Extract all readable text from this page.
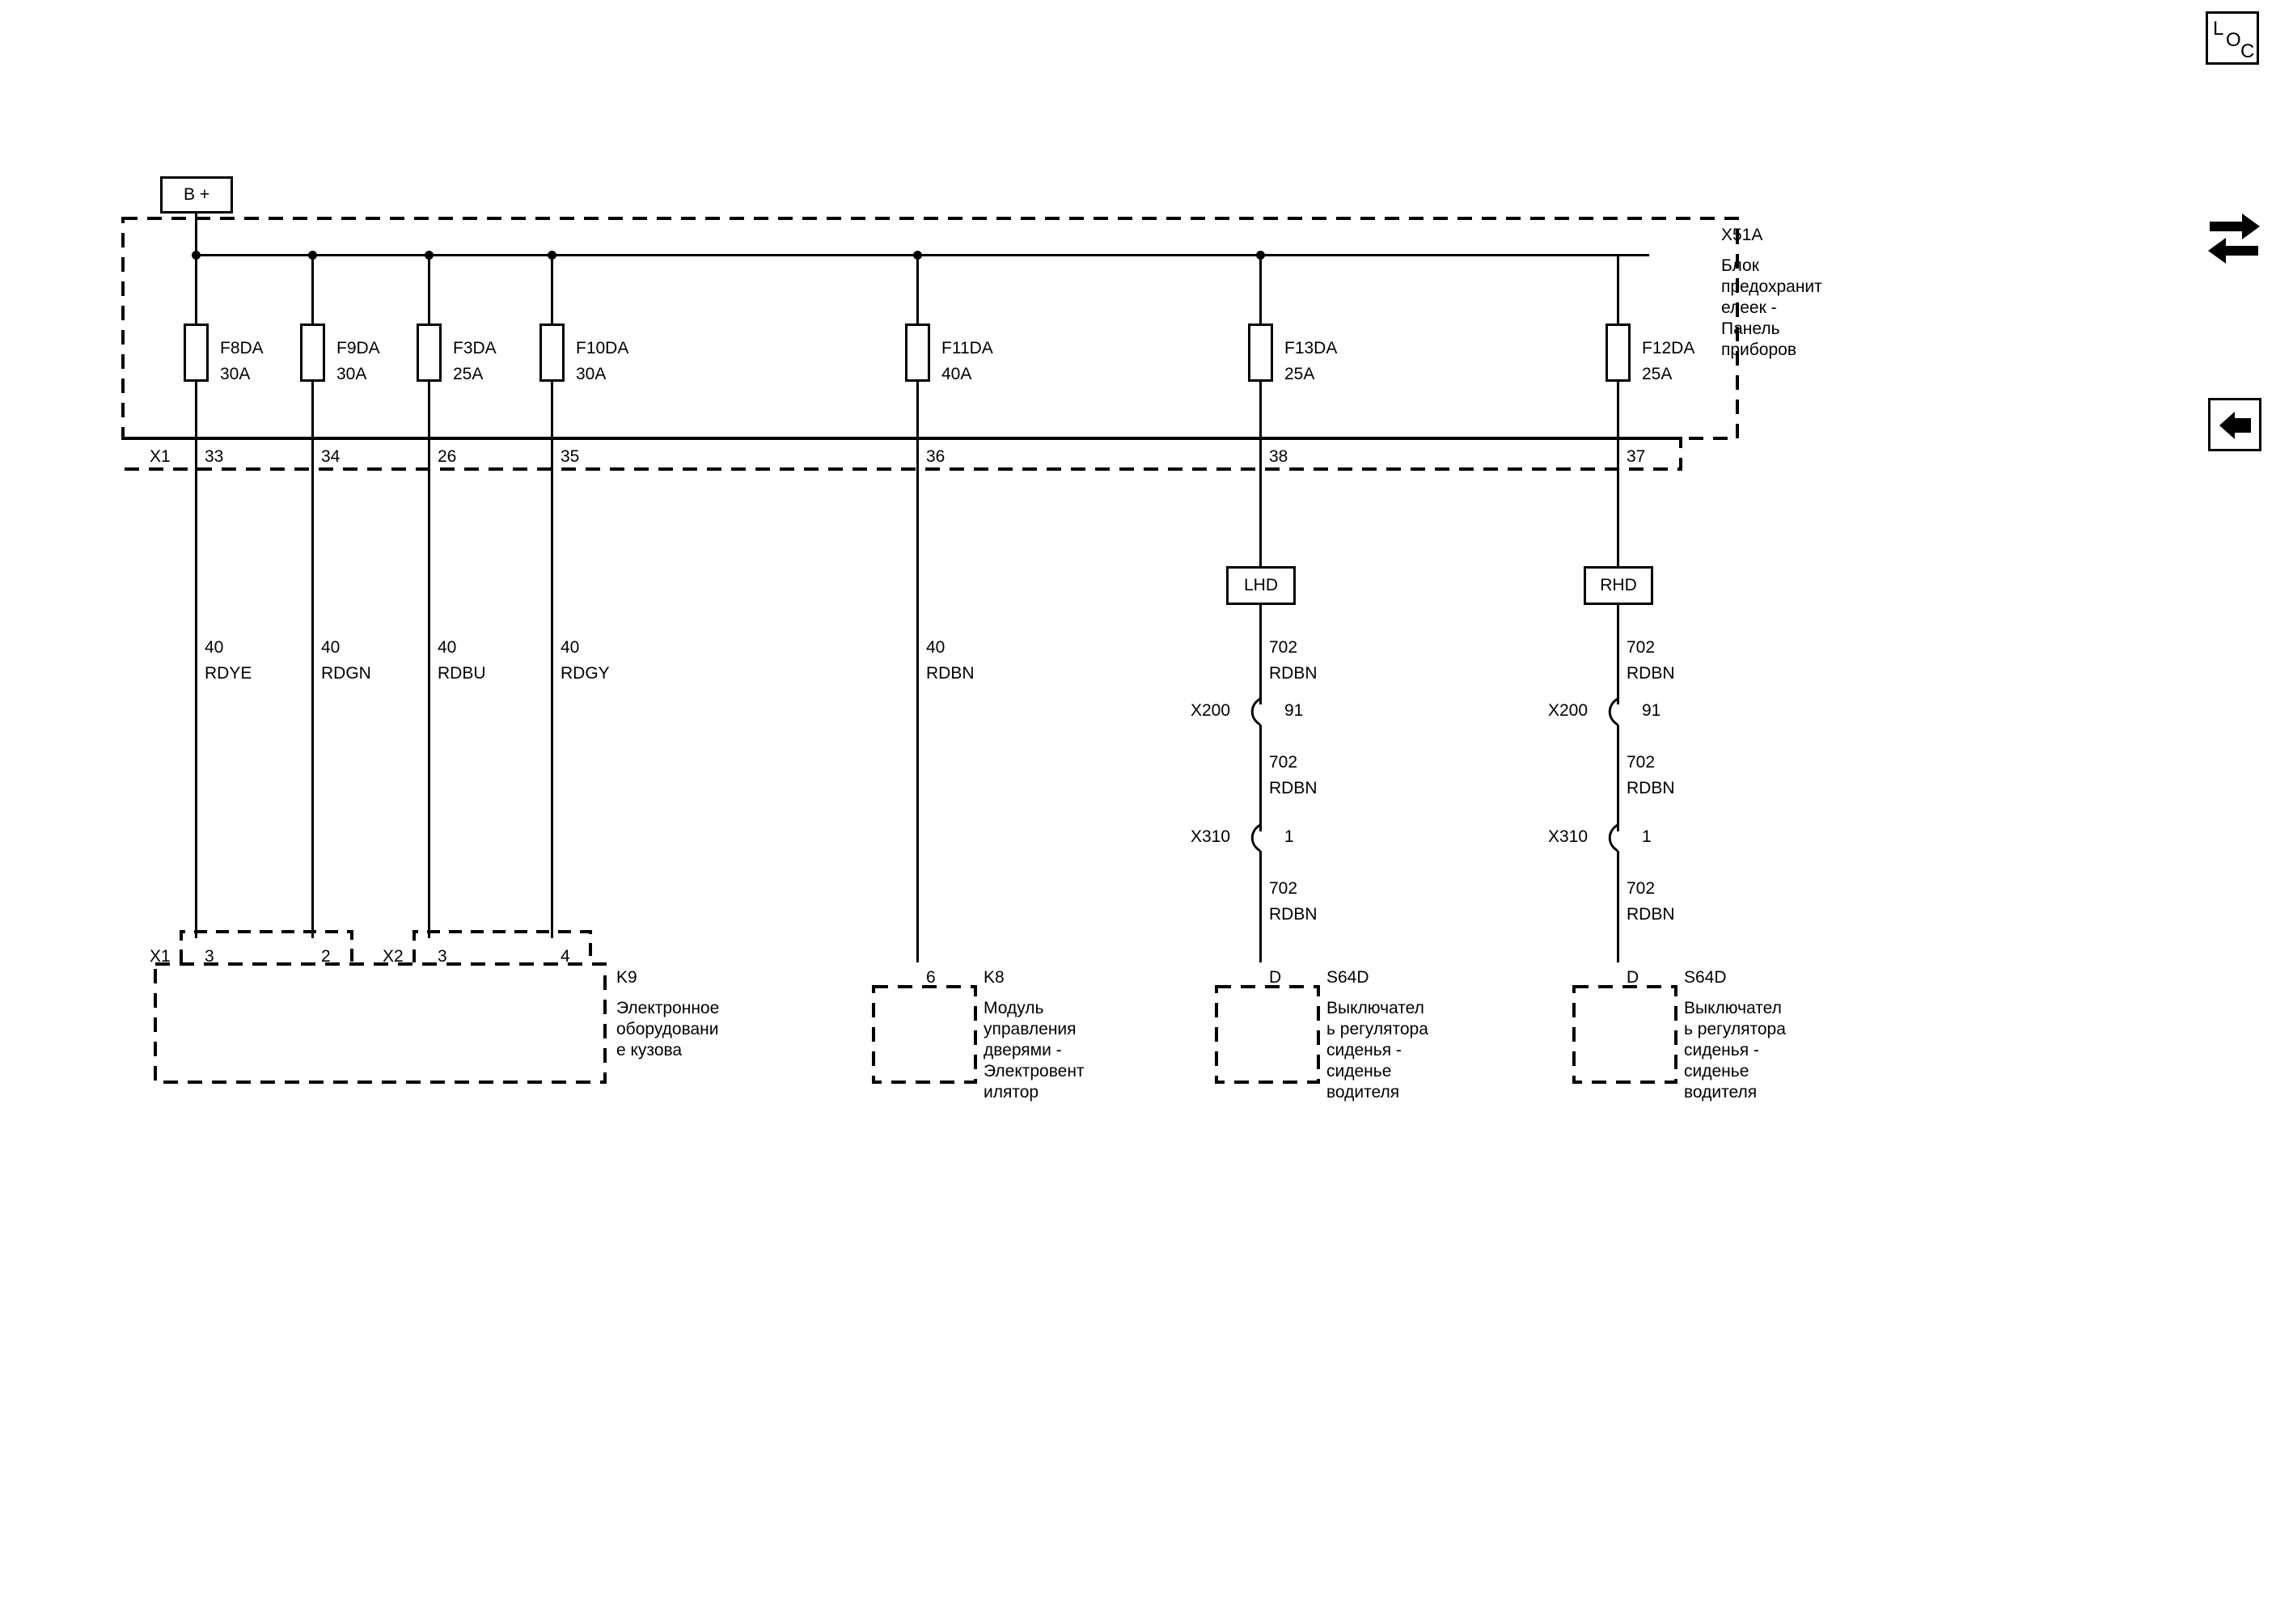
L
O
C
B +
X51A
Блок
предохранит
елеек -
Панель
приборов
F8DA
30A
33
40
RDYE
F9DA
30A
34
40
RDGN
F3DA
25A
26
40
RDBU
F10DA
30A
35
40
RDGY
F11DA
40A
36
40
RDBN
F13DA
25A
38
LHD
702
RDBN
X200	91
702
RDBN
X310	1
702
RDBN
F12DA
25A
37
RHD
702
RDBN
X200	91
702
RDBN
X310	1
702
RDBN
X1
X1	X2
3	2	3	4
K9
Электронное
оборудовани
е кузова
6	K8
Модуль
управления
дверями -
Электровент
илятор
D	S64D
Выключател
ь регулятора
сиденья -
сиденье
водителя
D	S64D
Выключател
ь регулятора
сиденья -
сиденье
водителя
